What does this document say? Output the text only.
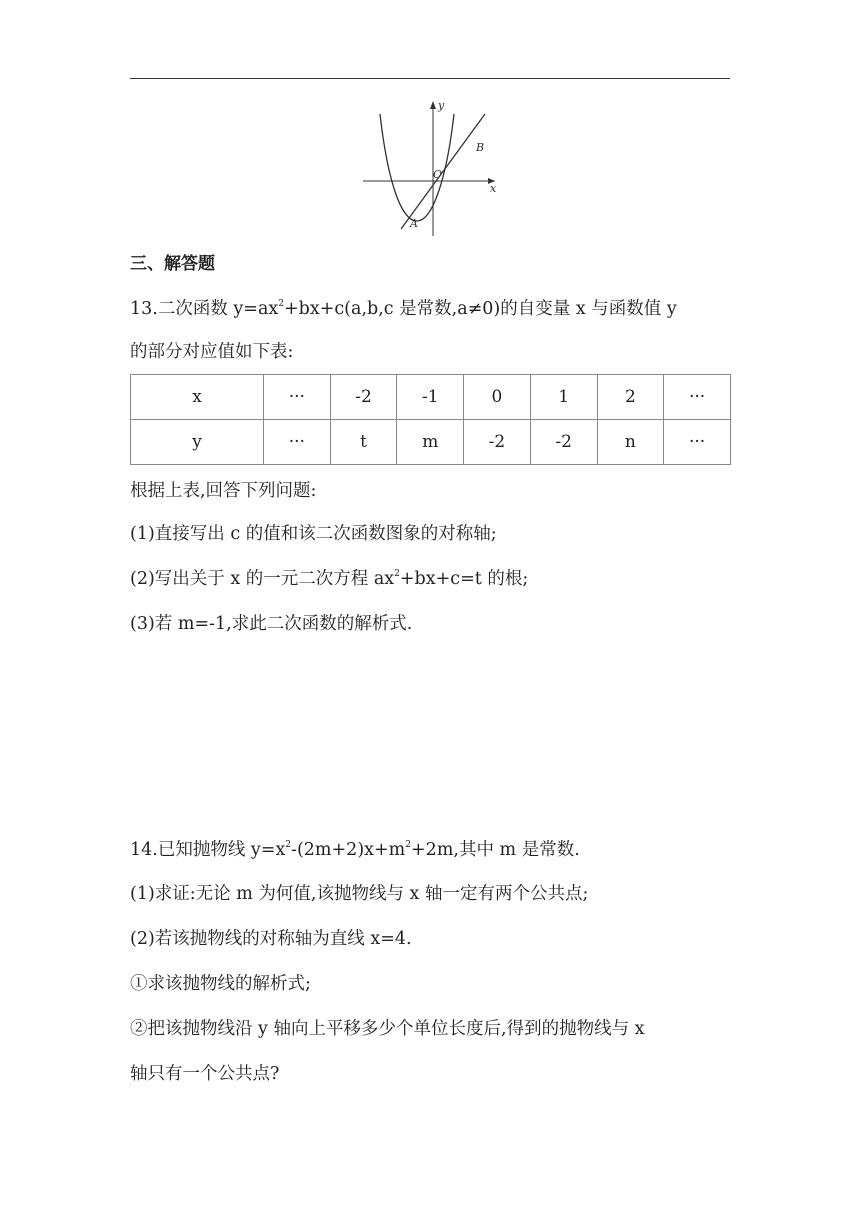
y
x
O
A
B
三、解答题
13.二次函数 $y=ax^2+bx+c(a,b,c$ 是常数,a≠0)的自变量 x 与函数值 y
的部分对应值如下表:
x	···	-2	-1	0	1	2	···
y	···	t	m	-2	-2	n	···
根据上表,回答下列问题:
(1)直接写出 c 的值和该二次函数图象的对称轴;
(2)写出关于 x 的一元二次方程 $ax^2+bx+c=t$ 的根;
(3)若 m=-1,求此二次函数的解析式.
14.已知抛物线 $y=x^2-(2m+2)x+m^2+2m$,其中 m 是常数.
(1)求证:无论 m 为何值,该抛物线与 x 轴一定有两个公共点;
(2)若该抛物线的对称轴为直线 x=4.
①求该抛物线的解析式;
②把该抛物线沿 y 轴向上平移多少个单位长度后,得到的抛物线与 x
轴只有一个公共点?
